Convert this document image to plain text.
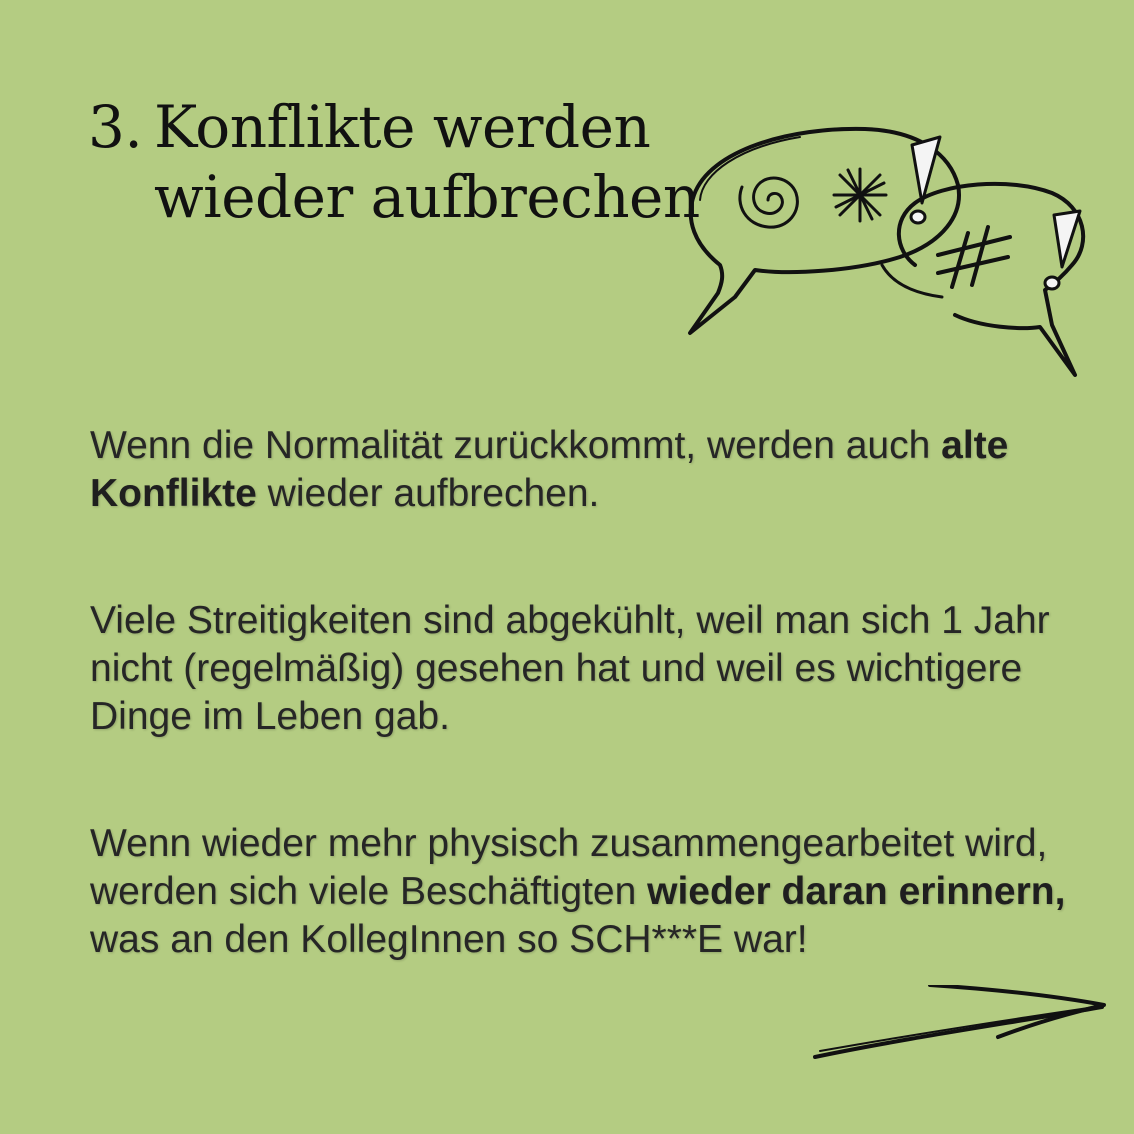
3. Konflikte werden
wieder aufbrechen

Wenn die Normalität zurückkommt, werden auch alte Konflikte wieder aufbrechen.

Viele Streitigkeiten sind abgekühlt, weil man sich 1 Jahr nicht (regelmäßig) gesehen hat und weil es wichtigere Dinge im Leben gab.

Wenn wieder mehr physisch zusammengearbeitet wird, werden sich viele Beschäftigten wieder daran erinnern, was an den KollegInnen so SCH***E war!
